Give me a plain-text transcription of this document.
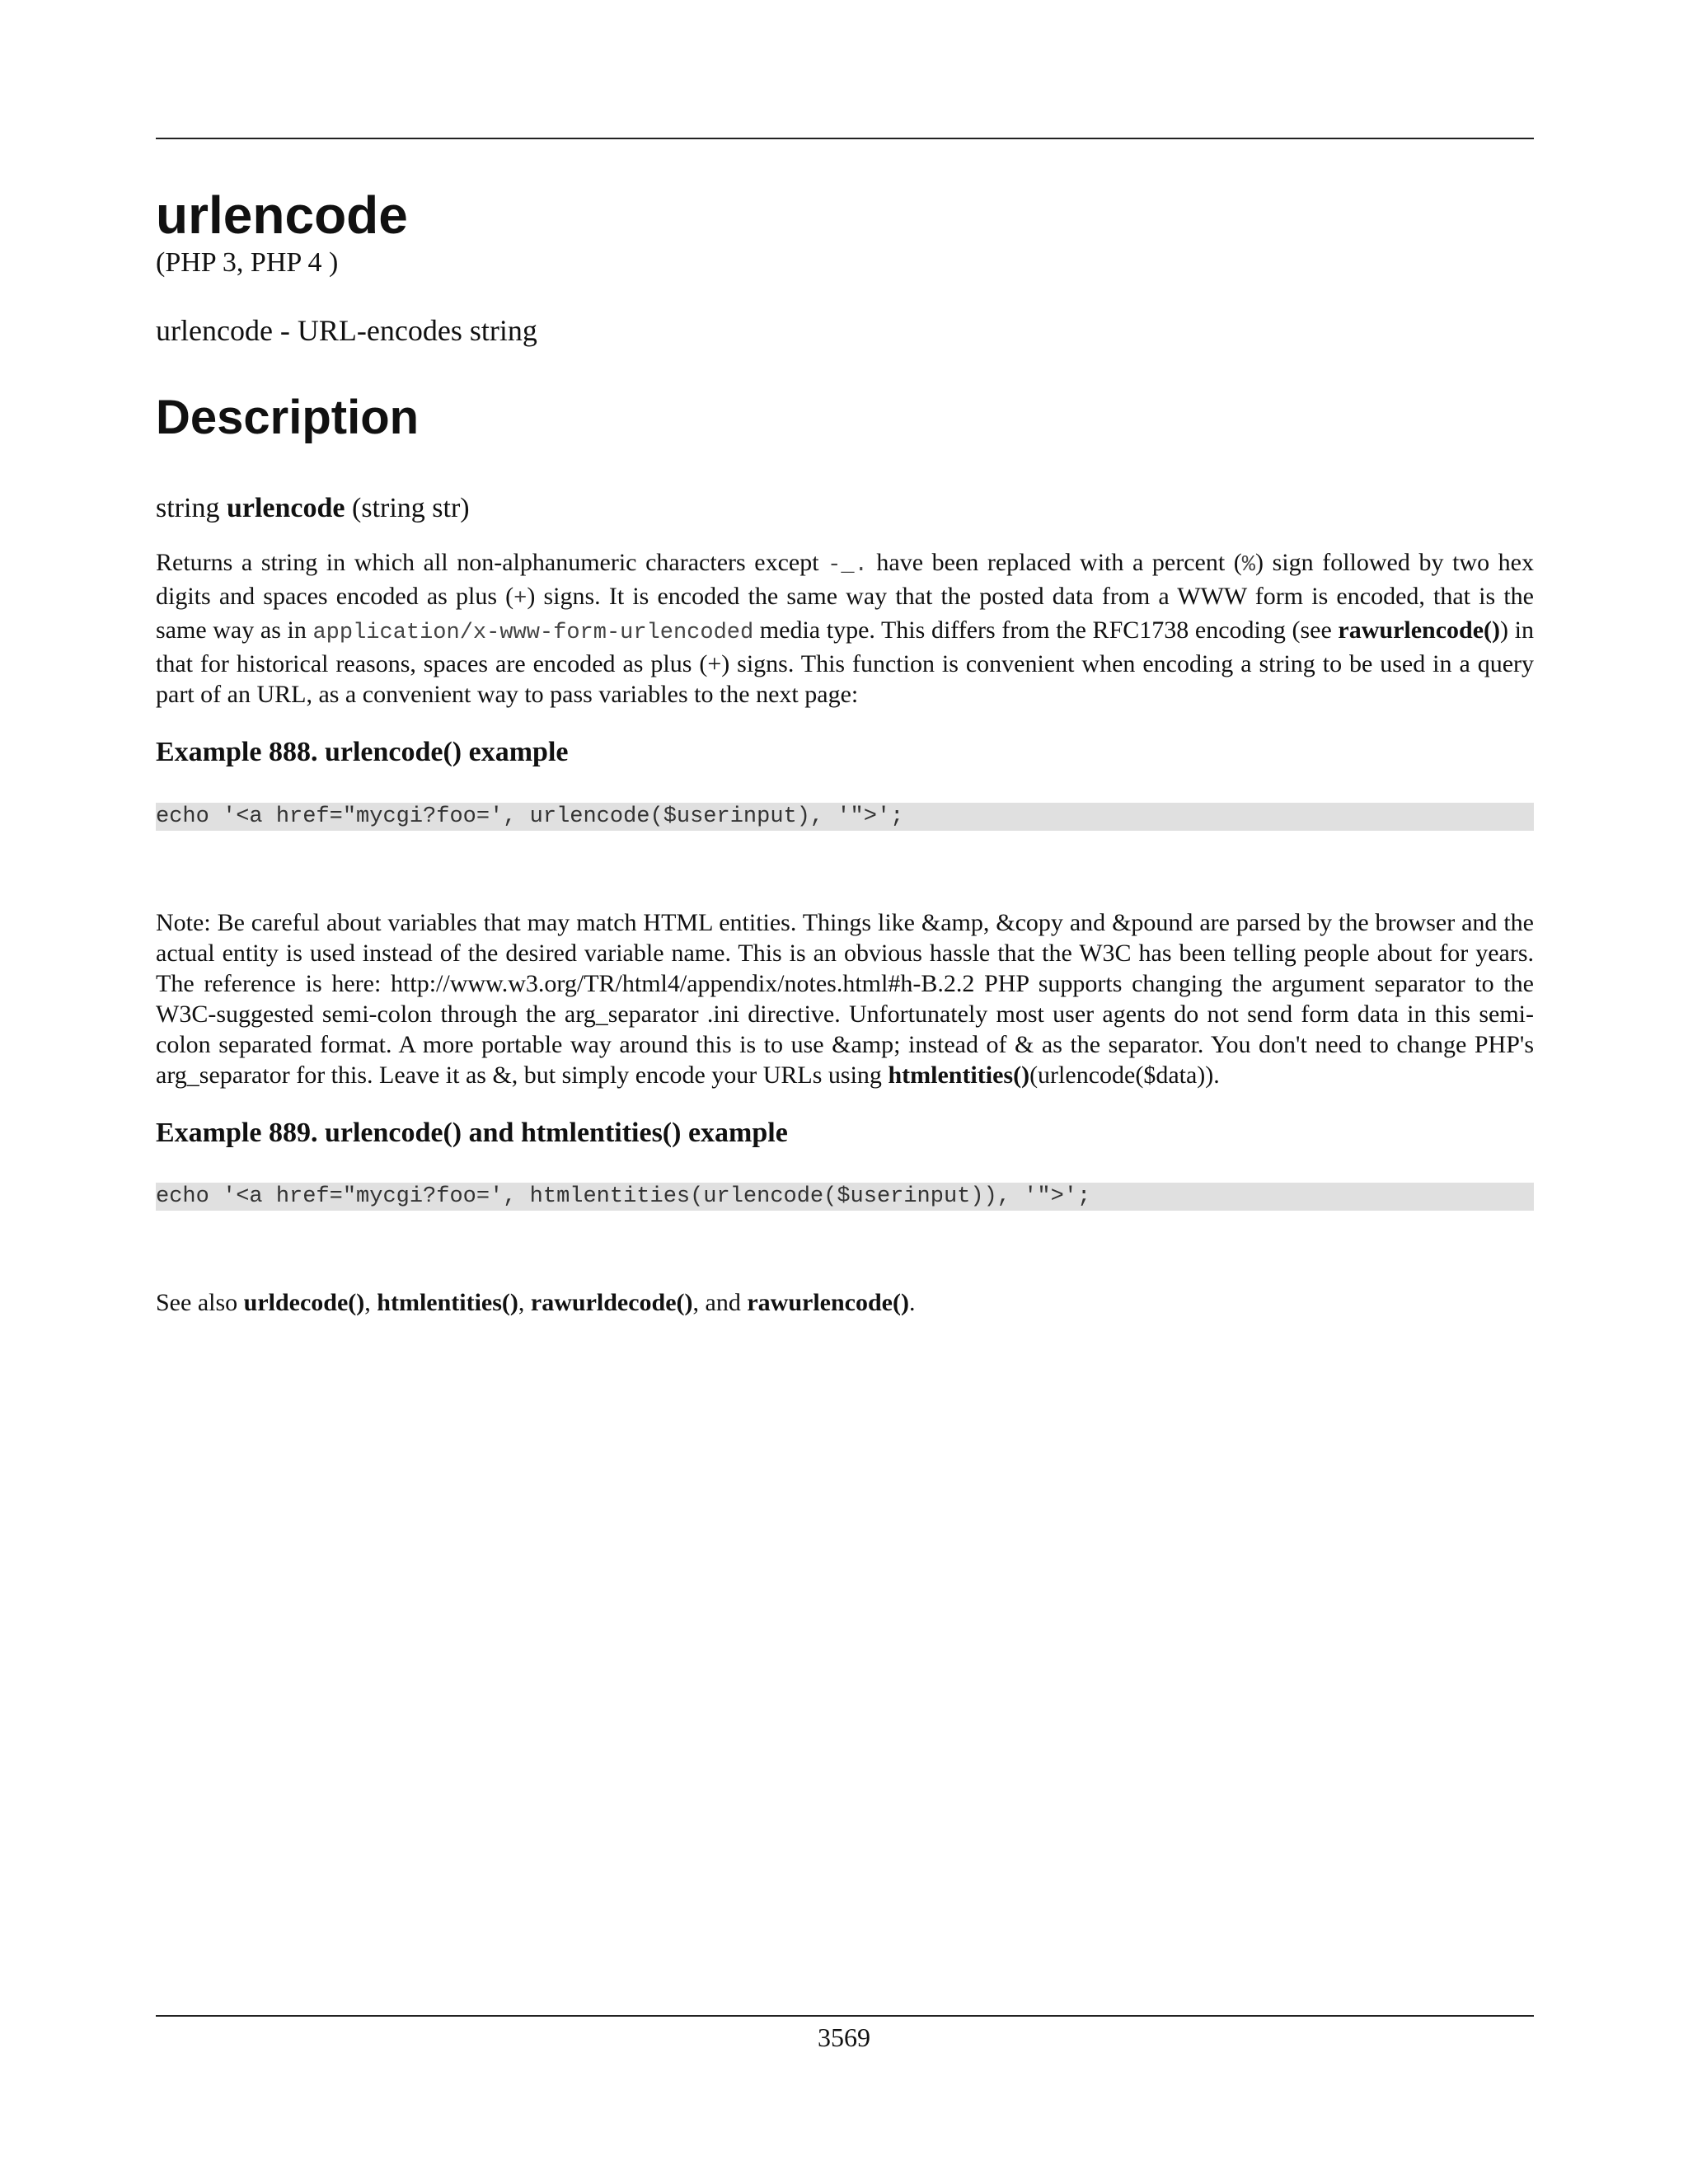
urlencode
(PHP 3, PHP 4 )
urlencode - URL-encodes string
Description
string urlencode (string str)

Returns a string in which all non-alphanumeric characters except -_. have been replaced with a percent (%) sign followed by two hex digits and spaces encoded as plus (+) signs. It is encoded the same way that the posted data from a WWW form is encoded, that is the same way as in application/x-www-form-urlencoded media type. This differs from the RFC1738 encoding (see rawurlencode()) in that for historical reasons, spaces are encoded as plus (+) signs. This function is convenient when encoding a string to be used in a query part of an URL, as a convenient way to pass variables to the next page:

Example 888. urlencode() example
echo '<a href="mycgi?foo=', urlencode($userinput), '">';

Note: Be careful about variables that may match HTML entities. Things like &amp, &copy and &pound are parsed by the browser and the actual entity is used instead of the desired variable name. This is an obvious hassle that the W3C has been telling people about for years. The reference is here: http://www.w3.org/TR/html4/appendix/notes.html#h-B.2.2 PHP supports changing the argument separator to the W3C-suggested semi-colon through the arg_separator .ini directive. Unfortunately most user agents do not send form data in this semi-colon separated format. A more portable way around this is to use &amp; instead of & as the separator. You don't need to change PHP's arg_separator for this. Leave it as &, but simply encode your URLs using htmlentities()(urlencode($data)).

Example 889. urlencode() and htmlentities() example
echo '<a href="mycgi?foo=', htmlentities(urlencode($userinput)), '">';

See also urldecode(), htmlentities(), rawurldecode(), and rawurlencode().

3569
